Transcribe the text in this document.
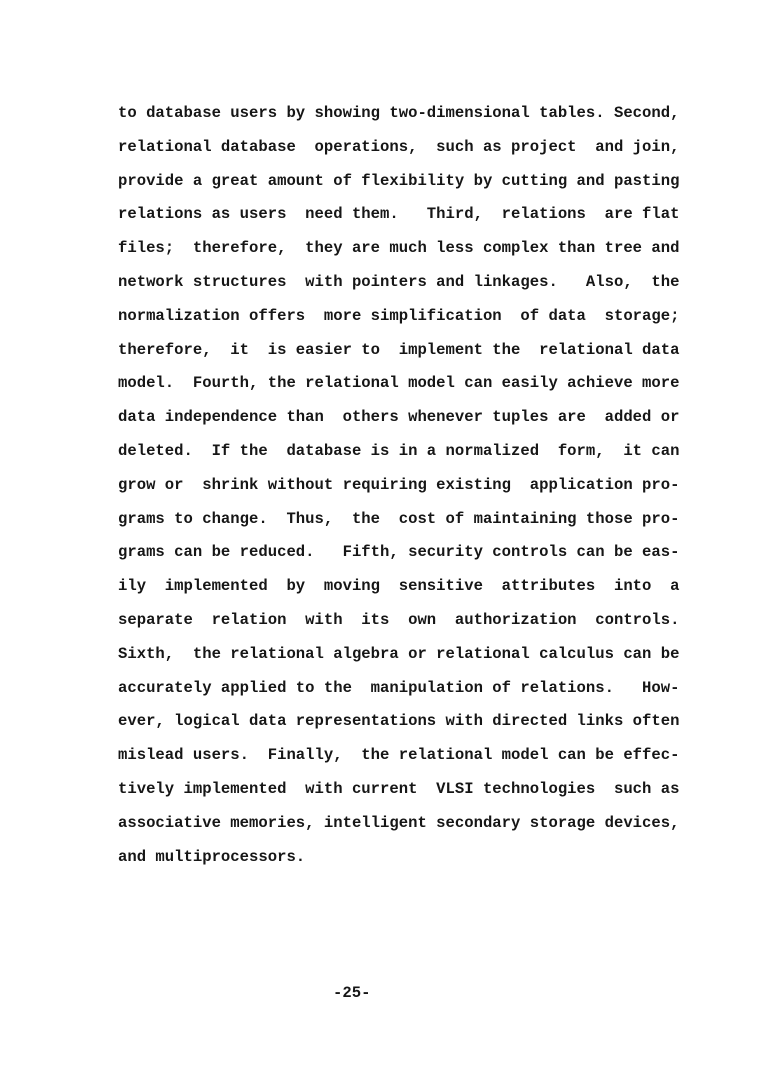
to database users by showing two-dimensional tables. Second,
relational database  operations,  such as project  and join,
provide a great amount of flexibility by cutting and pasting
relations as users  need them.   Third,  relations  are flat
files;  therefore,  they are much less complex than tree and
network structures  with pointers and linkages.   Also,  the
normalization offers  more simplification  of data  storage;
therefore,  it  is easier to  implement the  relational data
model.  Fourth, the relational model can easily achieve more
data independence than  others whenever tuples are  added or
deleted.  If the  database is in a normalized  form,  it can
grow or  shrink without requiring existing  application pro-
grams to change.  Thus,  the  cost of maintaining those pro-
grams can be reduced.   Fifth, security controls can be eas-
ily  implemented  by  moving  sensitive  attributes  into  a
separate  relation  with  its  own  authorization  controls.
Sixth,  the relational algebra or relational calculus can be
accurately applied to the  manipulation of relations.   How-
ever, logical data representations with directed links often
mislead users.  Finally,  the relational model can be effec-
tively implemented  with current  VLSI technologies  such as
associative memories, intelligent secondary storage devices,
and multiprocessors.
-25-
